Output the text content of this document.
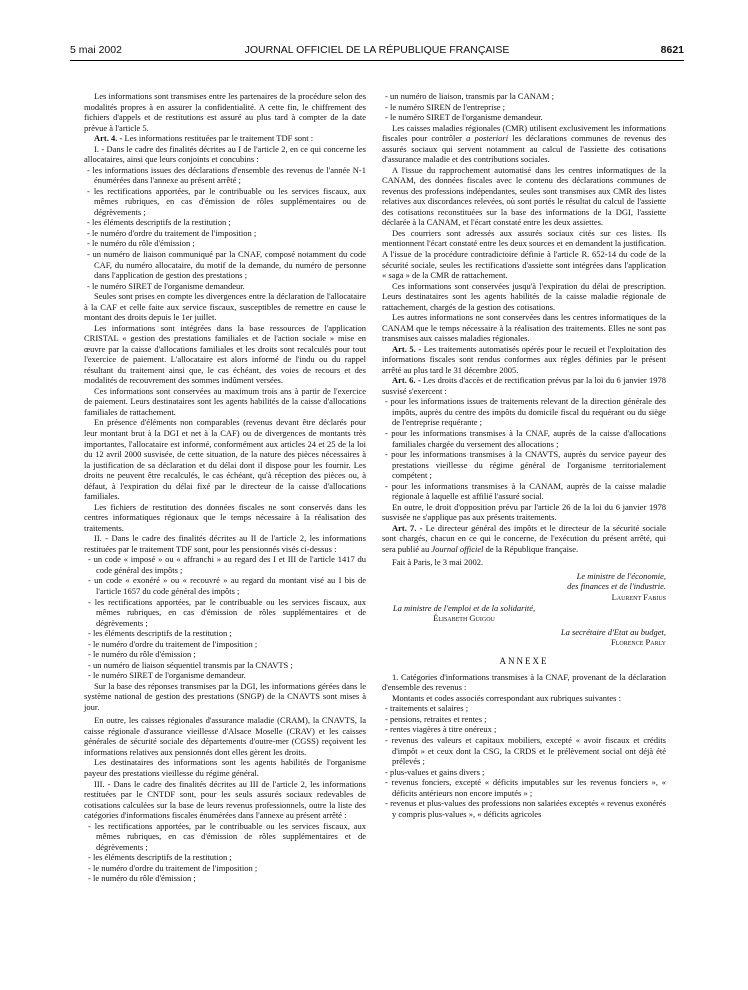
5 mai 2002	JOURNAL OFFICIEL DE LA RÉPUBLIQUE FRANÇAISE	8621

Les informations sont transmises entre les partenaires de la procédure selon des modalités propres à en assurer la confidentialité. A cette fin, le chiffrement des fichiers d'appels et de restitutions est assuré au plus tard à compter de la date prévue à l'article 5.

Art. 4. - Les informations restituées par le traitement TDF sont :

I. - Dans le cadre des finalités décrites au I de l'article 2, en ce qui concerne les allocataires, ainsi que leurs conjoints et concubins :

- les informations issues des déclarations d'ensemble des revenus de l'année N-1 énumérées dans l'annexe au présent arrêté ;

- les rectifications apportées, par le contribuable ou les services fiscaux, aux mêmes rubriques, en cas d'émission de rôles supplémentaires ou de dégrèvements ;

- les éléments descriptifs de la restitution ;

- le numéro d'ordre du traitement de l'imposition ;

- le numéro du rôle d'émission ;

- un numéro de liaison communiqué par la CNAF, composé notamment du code CAF, du numéro allocataire, du motif de la demande, du numéro de personne dans l'application de gestion des prestations ;

- le numéro SIRET de l'organisme demandeur.

Seules sont prises en compte les divergences entre la déclaration de l'allocataire à la CAF et celle faite aux service fiscaux, susceptibles de remettre en cause le montant des droits depuis le 1er juillet.

Les informations sont intégrées dans la base ressources de l'application CRISTAL « gestion des prestations familiales et de l'action sociale » mise en œuvre par la caisse d'allocations familiales et les droits sont recalculés pour tout l'exercice de paiement. L'allocataire est alors informé de l'indu ou du rappel résultant du traitement ainsi que, le cas échéant, des voies de recours et des modalités de recouvrement des sommes indûment versées.

Ces informations sont conservées au maximum trois ans à partir de l'exercice de paiement. Leurs destinataires sont les agents habilités de la caisse d'allocations familiales de rattachement.

En présence d'éléments non comparables (revenus devant être déclarés pour leur montant brut à la DGI et net à la CAF) ou de divergences de montants très importantes, l'allocataire est informé, conformément aux articles 24 et 25 de la loi du 12 avril 2000 susvisée, de cette situation, de la nature des pièces nécessaires à la justification de sa déclaration et du délai dont il dispose pour les fournir. Les droits ne peuvent être recalculés, le cas échéant, qu'à réception des pièces ou, à défaut, à l'expiration du délai fixé par le directeur de la caisse d'allocations familiales.

Les fichiers de restitution des données fiscales ne sont conservés dans les centres informatiques régionaux que le temps nécessaire à la réalisation des traitements.

II. - Dans le cadre des finalités décrites au II de l'article 2, les informations restituées par le traitement TDF sont, pour les pensionnés visés ci-dessus :

- un code « imposé » ou « affranchi » au regard des I et III de l'article 1417 du code général des impôts ;

- un code « exonéré » ou « recouvré » au regard du montant visé au I bis de l'article 1657 du code général des impôts ;

- les rectifications apportées, par le contribuable ou les services fiscaux, aux mêmes rubriques, en cas d'émission de rôles supplémentaires et de dégrèvements ;

- les éléments descriptifs de la restitution ;

- le numéro d'ordre du traitement de l'imposition ;

- le numéro du rôle d'émission ;

- un numéro de liaison séquentiel transmis par la CNAVTS ;

- le numéro SIRET de l'organisme demandeur.

Sur la base des réponses transmises par la DGI, les informations gérées dans le système national de gestion des prestations (SNGP) de la CNAVTS sont mises à jour.

En outre, les caisses régionales d'assurance maladie (CRAM), la CNAVTS, la caisse régionale d'assurance vieillesse d'Alsace Moselle (CRAV) et les caisses générales de sécurité sociale des départements d'outre-mer (CGSS) reçoivent les informations relatives aux pensionnés dont elles gèrent les droits.

Les destinataires des informations sont les agents habilités de l'organisme payeur des prestations vieillesse du régime général.

III. - Dans le cadre des finalités décrites au III de l'article 2, les informations restituées par le CNTDF sont, pour les seuls assurés sociaux redevables de cotisations calculées sur la base de leurs revenus professionnels, outre la liste des catégories d'informations fiscales énumérées dans l'annexe au présent arrêté :

- les rectifications apportées, par le contribuable ou les services fiscaux, aux mêmes rubriques, en cas d'émission de rôles supplémentaires et de dégrèvements ;

- les éléments descriptifs de la restitution ;

- le numéro d'ordre du traitement de l'imposition ;

- le numéro du rôle d'émission ;

- un numéro de liaison, transmis par la CANAM ;

- le numéro SIREN de l'entreprise ;

- le numéro SIRET de l'organisme demandeur.

Les caisses maladies régionales (CMR) utilisent exclusivement les informations fiscales pour contrôler a posteriori les déclarations communes de revenus des assurés sociaux qui servent notamment au calcul de l'assiette des cotisations d'assurance maladie et des contributions sociales.

A l'issue du rapprochement automatisé dans les centres informatiques de la CANAM, des données fiscales avec le contenu des déclarations communes de revenus des professions indépendantes, seules sont transmises aux CMR des listes relatives aux discordances relevées, où sont portés le résultat du calcul de l'assiette des cotisations reconstituées sur la base des informations de la DGI, l'assiette déclarée à la CANAM, et l'écart constaté entre les deux assiettes.

Des courriers sont adressés aux assurés sociaux cités sur ces listes. Ils mentionnent l'écart constaté entre les deux sources et en demandent la justification. A l'issue de la procédure contradictoire définie à l'article R. 652-14 du code de la sécurité sociale, seules les rectifications d'assiette sont intégrées dans l'application « saga » de la CMR de rattachement.

Ces informations sont conservées jusqu'à l'expiration du délai de prescription. Leurs destinataires sont les agents habilités de la caisse maladie régionale de rattachement, chargés de la gestion des cotisations.

Les autres informations ne sont conservées dans les centres informatiques de la CANAM que le temps nécessaire à la réalisation des traitements. Elles ne sont pas transmises aux caisses maladies régionales.

Art. 5. - Les traitements automatisés opérés pour le recueil et l'exploitation des informations fiscales sont rendus conformes aux règles définies par le présent arrêté au plus tard le 31 décembre 2005.

Art. 6. - Les droits d'accès et de rectification prévus par la loi du 6 janvier 1978 susvisé s'exercent :

- pour les informations issues de traitements relevant de la direction générale des impôts, auprès du centre des impôts du domicile fiscal du requérant ou du siège de l'entreprise requérante ;

- pour les informations transmises à la CNAF, auprès de la caisse d'allocations familiales chargée du versement des allocations ;

- pour les informations transmises à la CNAVTS, auprès du service payeur des prestations vieillesse du régime général de l'organisme territorialement compétent ;

- pour les informations transmises à la CANAM, auprès de la caisse maladie régionale à laquelle est affilié l'assuré social.

En outre, le droit d'opposition prévu par l'article 26 de la loi du 6 janvier 1978 susvisée ne s'applique pas aux présents traitements.

Art. 7. - Le directeur général des impôts et le directeur de la sécurité sociale sont chargés, chacun en ce qui le concerne, de l'exécution du présent arrêté, qui sera publié au Journal officiel de la République française.

Fait à Paris, le 3 mai 2002.

Le ministre de l'économie,

des finances et de l'industrie.

Laurent Fabius

La ministre de l'emploi et de la solidarité,

Élisabeth Guigou

La secrétaire d'Etat au budget,

Florence Parly

ANNEXE

1. Catégories d'informations transmises à la CNAF, provenant de la déclaration d'ensemble des revenus :

Montants et codes associés correspondant aux rubriques suivantes :

- traitements et salaires ;

- pensions, retraites et rentes ;

- rentes viagères à titre onéreux ;

- revenus des valeurs et capitaux mobiliers, excepté « avoir fiscaux et crédits d'impôt » et ceux dont la CSG, la CRDS et le prélèvement social ont déjà été prélevés ;

- plus-values et gains divers ;

- revenus fonciers, excepté « déficits imputables sur les revenus fonciers », « déficits antérieurs non encore imputés » ;

- revenus et plus-values des professions non salariées exceptés « revenus exonérés y compris plus-values », « déficits agricoles
